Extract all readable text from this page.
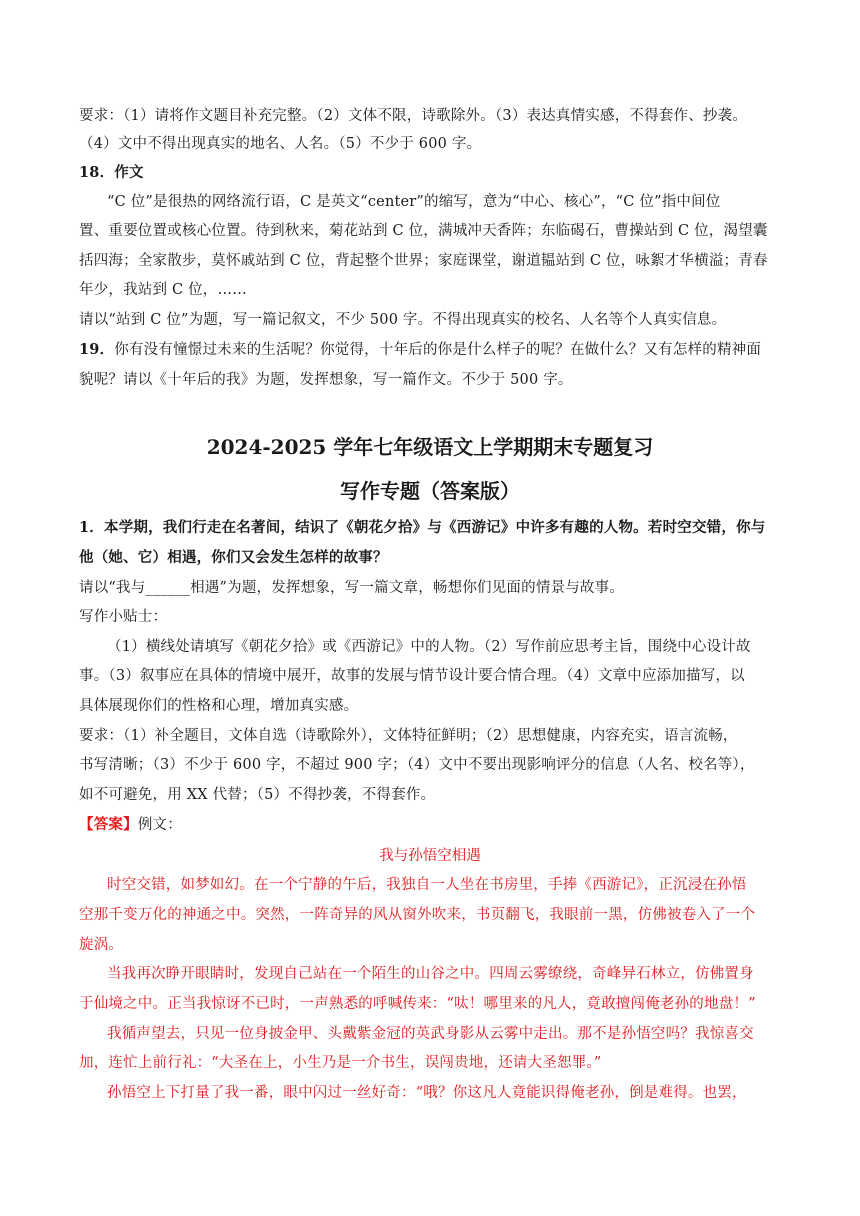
要求：（1）请将作文题目补充完整。（2）文体不限，诗歌除外。（3）表达真情实感，不得套作、抄袭。
（4）文中不得出现真实的地名、人名。（5）不少于 600 字。
18．作文
“C 位”是很热的网络流行语，C 是英文“center”的缩写，意为“中心、核心”，“C 位”指中间位
置、重要位置或核心位置。待到秋来，菊花站到 C 位，满城冲天香阵；东临碣石，曹操站到 C 位，渴望囊
括四海；全家散步，莫怀戚站到 C 位，背起整个世界；家庭课堂，谢道韫站到 C 位，咏絮才华横溢；青春
年少，我站到 C 位，……
请以“站到 C 位”为题，写一篇记叙文，不少 500 字。不得出现真实的校名、人名等个人真实信息。
19．你有没有憧憬过未来的生活呢？你觉得，十年后的你是什么样子的呢？在做什么？又有怎样的精神面
貌呢？请以《十年后的我》为题，发挥想象，写一篇作文。不少于 500 字。
2024-2025 学年七年级语文上学期期末专题复习
写作专题（答案版）
1．本学期，我们行走在名著间，结识了《朝花夕拾》与《西游记》中许多有趣的人物。若时空交错，你与
他（她、它）相遇，你们又会发生怎样的故事？
请以“我与______相遇”为题，发挥想象，写一篇文章，畅想你们见面的情景与故事。
写作小贴士：
（1）横线处请填写《朝花夕拾》或《西游记》中的人物。（2）写作前应思考主旨，围绕中心设计故
事。（3）叙事应在具体的情境中展开，故事的发展与情节设计要合情合理。（4）文章中应添加描写，以
具体展现你们的性格和心理，增加真实感。
要求：（1）补全题目，文体自选（诗歌除外），文体特征鲜明；（2）思想健康，内容充实，语言流畅，
书写清晰；（3）不少于 600 字，不超过 900 字；（4）文中不要出现影响评分的信息（人名、校名等），
如不可避免，用 XX 代替；（5）不得抄袭，不得套作。
【答案】例文：
我与孙悟空相遇
时空交错，如梦如幻。在一个宁静的午后，我独自一人坐在书房里，手捧《西游记》，正沉浸在孙悟
空那千变万化的神通之中。突然，一阵奇异的风从窗外吹来，书页翻飞，我眼前一黑，仿佛被卷入了一个
旋涡。
当我再次睁开眼睛时，发现自己站在一个陌生的山谷之中。四周云雾缭绕，奇峰异石林立，仿佛置身
于仙境之中。正当我惊讶不已时，一声熟悉的呼喊传来：“呔！哪里来的凡人，竟敢擅闯俺老孙的地盘！”
我循声望去，只见一位身披金甲、头戴紫金冠的英武身影从云雾中走出。那不是孙悟空吗？我惊喜交
加，连忙上前行礼：“大圣在上，小生乃是一介书生，误闯贵地，还请大圣恕罪。”
孙悟空上下打量了我一番，眼中闪过一丝好奇：“哦？你这凡人竟能识得俺老孙，倒是难得。也罢，
